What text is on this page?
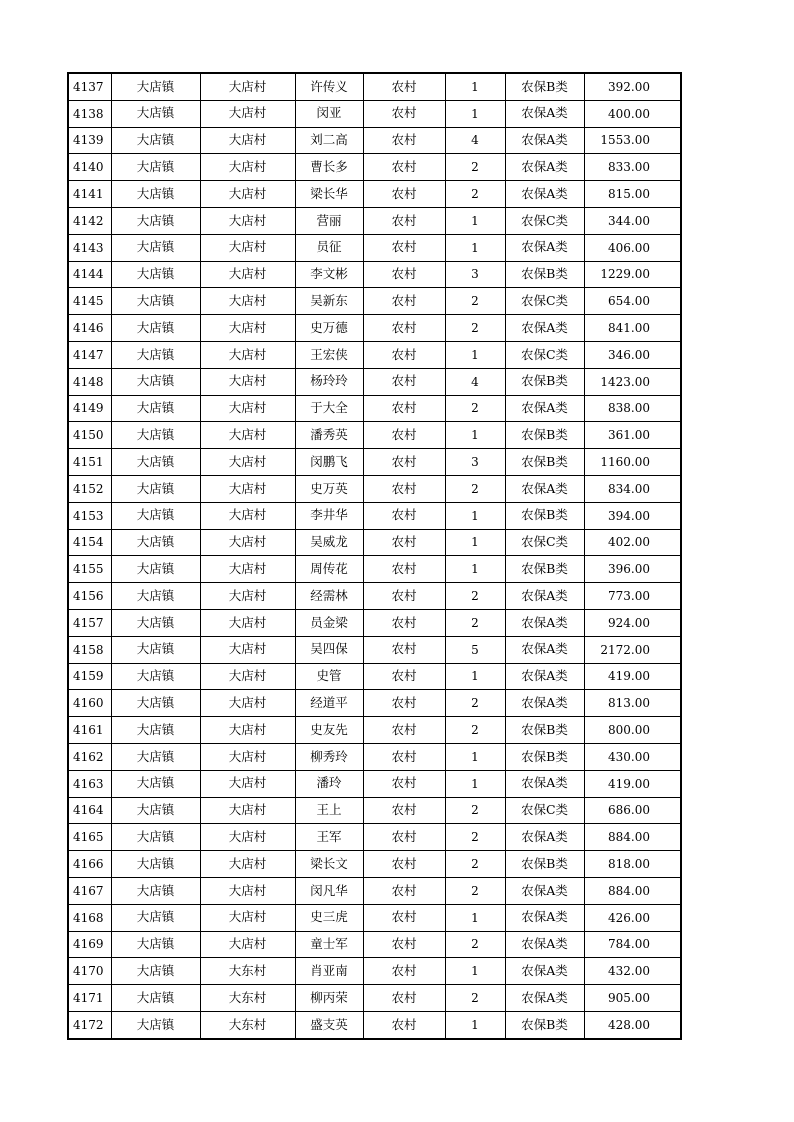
4137	大店镇	大店村	许传义	农村	1	农保B类	392.00
4138	大店镇	大店村	闵亚	农村	1	农保A类	400.00
4139	大店镇	大店村	刘二高	农村	4	农保A类	1553.00
4140	大店镇	大店村	曹长多	农村	2	农保A类	833.00
4141	大店镇	大店村	梁长华	农村	2	农保A类	815.00
4142	大店镇	大店村	营丽	农村	1	农保C类	344.00
4143	大店镇	大店村	员征	农村	1	农保A类	406.00
4144	大店镇	大店村	李文彬	农村	3	农保B类	1229.00
4145	大店镇	大店村	吴新东	农村	2	农保C类	654.00
4146	大店镇	大店村	史万德	农村	2	农保A类	841.00
4147	大店镇	大店村	王宏侠	农村	1	农保C类	346.00
4148	大店镇	大店村	杨玲玲	农村	4	农保B类	1423.00
4149	大店镇	大店村	于大全	农村	2	农保A类	838.00
4150	大店镇	大店村	潘秀英	农村	1	农保B类	361.00
4151	大店镇	大店村	闵鹏飞	农村	3	农保B类	1160.00
4152	大店镇	大店村	史万英	农村	2	农保A类	834.00
4153	大店镇	大店村	李井华	农村	1	农保B类	394.00
4154	大店镇	大店村	吴威龙	农村	1	农保C类	402.00
4155	大店镇	大店村	周传花	农村	1	农保B类	396.00
4156	大店镇	大店村	经需林	农村	2	农保A类	773.00
4157	大店镇	大店村	员金梁	农村	2	农保A类	924.00
4158	大店镇	大店村	吴四保	农村	5	农保A类	2172.00
4159	大店镇	大店村	史管	农村	1	农保A类	419.00
4160	大店镇	大店村	经道平	农村	2	农保A类	813.00
4161	大店镇	大店村	史友先	农村	2	农保B类	800.00
4162	大店镇	大店村	柳秀玲	农村	1	农保B类	430.00
4163	大店镇	大店村	潘玲	农村	1	农保A类	419.00
4164	大店镇	大店村	王上	农村	2	农保C类	686.00
4165	大店镇	大店村	王军	农村	2	农保A类	884.00
4166	大店镇	大店村	梁长文	农村	2	农保B类	818.00
4167	大店镇	大店村	闵凡华	农村	2	农保A类	884.00
4168	大店镇	大店村	史三虎	农村	1	农保A类	426.00
4169	大店镇	大店村	童士军	农村	2	农保A类	784.00
4170	大店镇	大东村	肖亚南	农村	1	农保A类	432.00
4171	大店镇	大东村	柳丙荣	农村	2	农保A类	905.00
4172	大店镇	大东村	盛支英	农村	1	农保B类	428.00
